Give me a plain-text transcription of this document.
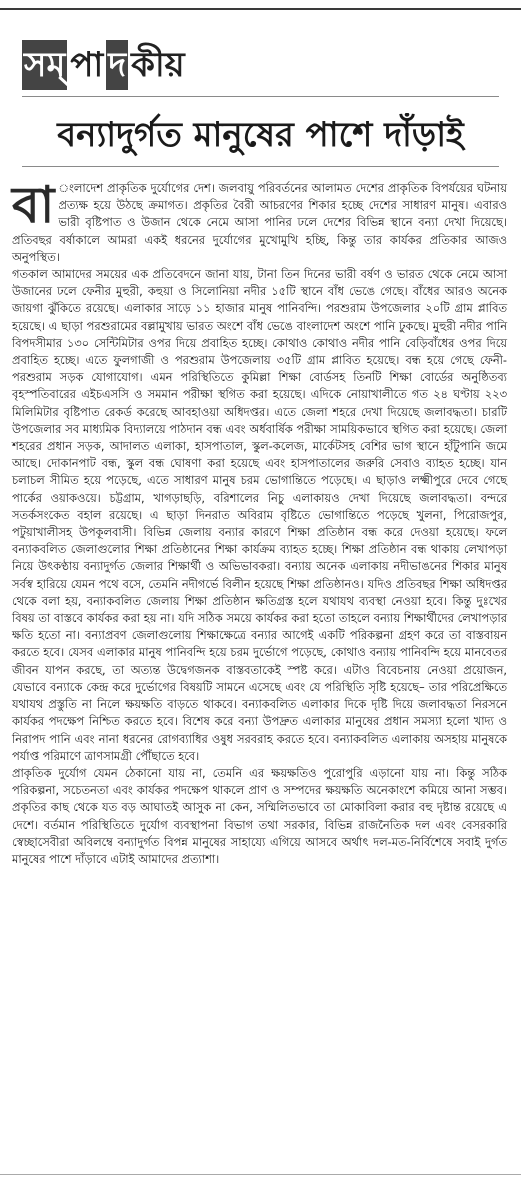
সম্ পা দ কীয়
বন্যাদুর্গত মানুষের পাশে দাঁড়াই

বা ংলাদেশ প্রাকৃতিক দুর্যোগের দেশ। জলবায়ু পরিবর্তনের আলামত দেশের প্রাকৃতিক বিপর্যয়ের ঘটনায় প্রত্যক্ষ হয়ে উঠছে ক্রমাগত। প্রকৃতির বৈরী আচরণের শিকার হচ্ছে দেশের সাধারণ মানুষ। এবারও ভারী বৃষ্টিপাত ও উজান থেকে নেমে আসা পানির ঢলে দেশের বিভিন্ন স্থানে বন্যা দেখা দিয়েছে। প্রতিবছর বর্ষাকালে আমরা একই ধরনের দুর্যোগের মুখোমুখি হচ্ছি, কিন্তু তার কার্যকর প্রতিকার আজও অনুপস্থিত।

গতকাল আমাদের সময়ের এক প্রতিবেদনে জানা যায়, টানা তিন দিনের ভারী বর্ষণ ও ভারত থেকে নেমে আসা উজানের ঢলে ফেনীর মুহুরী, কহুয়া ও সিলোনিয়া নদীর ১৫টি স্থানে বাঁধ ভেঙে গেছে। বাঁধের আরও অনেক জায়গা ঝুঁকিতে রয়েছে। এলাকার সাড়ে ১১ হাজার মানুষ পানিবন্দি। পরশুরাম উপজেলার ২০টি গ্রাম প্লাবিত হয়েছে। এ ছাড়া পরশুরামের বল্লামুখায় ভারত অংশে বাঁধ ভেঙে বাংলাদেশ অংশে পানি ঢুকছে। মুহুরী নদীর পানি বিপদসীমার ১৩০ সেন্টিমিটার ওপর দিয়ে প্রবাহিত হচ্ছে। কোথাও কোথাও নদীর পানি বেড়িবাঁধের ওপর দিয়ে প্রবাহিত হচ্ছে। এতে ফুলগাজী ও পরশুরাম উপজেলায় ৩৫টি গ্রাম প্লাবিত হয়েছে। বন্ধ হয়ে গেছে ফেনী-পরশুরাম সড়ক যোগাযোগ। এমন পরিস্থিতিতে কুমিল্লা শিক্ষা বোর্ডসহ তিনটি শিক্ষা বোর্ডের অনুষ্ঠিতব্য বৃহস্পতিবারের এইচএসসি ও সমমান পরীক্ষা স্থগিত করা হয়েছে। এদিকে নোয়াখালীতে গত ২৪ ঘণ্টায় ২২৩ মিলিমিটার বৃষ্টিপাত রেকর্ড করেছে আবহাওয়া অধিদপ্তর। এতে জেলা শহরে দেখা দিয়েছে জলাবদ্ধতা। চারটি উপজেলার সব মাধ্যমিক বিদ্যালয়ে পাঠদান বন্ধ এবং অর্ধবার্ষিক পরীক্ষা সাময়িকভাবে স্থগিত করা হয়েছে। জেলা শহরের প্রধান সড়ক, আদালত এলাকা, হাসপাতাল, স্কুল-কলেজ, মার্কেটসহ বেশির ভাগ স্থানে হাঁটুপানি জমে আছে। দোকানপাট বন্ধ, স্কুল বন্ধ ঘোষণা করা হয়েছে এবং হাসপাতালের জরুরি সেবাও ব্যাহত হচ্ছে। যান চলাচল সীমিত হয়ে পড়েছে, এতে সাধারণ মানুষ চরম ভোগান্তিতে পড়েছে। এ ছাড়াও লক্ষ্মীপুরে দেবে গেছে পার্কের ওয়াকওয়ে। চট্টগ্রাম, খাগড়াছড়ি, বরিশালের নিচু এলাকায়ও দেখা দিয়েছে জলাবদ্ধতা। বন্দরে সতর্কসংকেত বহাল রয়েছে। এ ছাড়া দিনরাত অবিরাম বৃষ্টিতে ভোগান্তিতে পড়েছে খুলনা, পিরোজপুর, পটুয়াখালীসহ উপকূলবাসী। বিভিন্ন জেলায় বন্যার কারণে শিক্ষা প্রতিষ্ঠান বন্ধ করে দেওয়া হয়েছে। ফলে বন্যাকবলিত জেলাগুলোর শিক্ষা প্রতিষ্ঠানের শিক্ষা কার্যক্রম ব্যাহত হচ্ছে। শিক্ষা প্রতিষ্ঠান বন্ধ থাকায় লেখাপড়া নিয়ে উৎকণ্ঠায় বন্যাদুর্গত জেলার শিক্ষার্থী ও অভিভাবকরা। বন্যায় অনেক এলাকায় নদীভাঙনের শিকার মানুষ সর্বস্ব হারিয়ে যেমন পথে বসে, তেমনি নদীগর্ভে বিলীন হয়েছে শিক্ষা প্রতিষ্ঠানও। যদিও প্রতিবছর শিক্ষা অধিদপ্তর থেকে বলা হয়, বন্যাকবলিত জেলায় শিক্ষা প্রতিষ্ঠান ক্ষতিগ্রস্ত হলে যথাযথ ব্যবস্থা নেওয়া হবে। কিন্তু দুঃখের বিষয় তা বাস্তবে কার্যকর করা হয় না। যদি সঠিক সময়ে কার্যকর করা হতো তাহলে বন্যায় শিক্ষার্থীদের লেখাপড়ার ক্ষতি হতো না। বন্যাপ্রবণ জেলাগুলোয় শিক্ষাক্ষেত্রে বন্যার আগেই একটি পরিকল্পনা গ্রহণ করে তা বাস্তবায়ন করতে হবে। যেসব এলাকার মানুষ পানিবন্দি হয়ে চরম দুর্ভোগে পড়েছে, কোথাও বন্যায় পানিবন্দি হয়ে মানবেতর জীবন যাপন করছে, তা অত্যন্ত উদ্বেগজনক বাস্তবতাকেই স্পষ্ট করে। এটাও বিবেচনায় নেওয়া প্রয়োজন, যেভাবে বন্যাকে কেন্দ্র করে দুর্ভোগের বিষয়টি সামনে এসেছে এবং যে পরিস্থিতি সৃষ্টি হয়েছে– তার পরিপ্রেক্ষিতে যথাযথ প্রস্তুতি না নিলে ক্ষয়ক্ষতি বাড়তে থাকবে। বন্যাকবলিত এলাকার দিকে দৃষ্টি দিয়ে জলাবদ্ধতা নিরসনে কার্যকর পদক্ষেপ নিশ্চিত করতে হবে। বিশেষ করে বন্যা উপদ্রুত এলাকার মানুষের প্রধান সমস্যা হলো খাদ্য ও নিরাপদ পানি এবং নানা ধরনের রোগব্যাধির ওষুধ সরবরাহ করতে হবে। বন্যাকবলিত এলাকায় অসহায় মানুষকে পর্যাপ্ত পরিমাণে ত্রাণসামগ্রী পৌঁছাতে হবে।

প্রাকৃতিক দুর্যোগ যেমন ঠেকানো যায় না, তেমনি এর ক্ষয়ক্ষতিও পুরোপুরি এড়ানো যায় না। কিন্তু সঠিক পরিকল্পনা, সচেতনতা এবং কার্যকর পদক্ষেপ থাকলে প্রাণ ও সম্পদের ক্ষয়ক্ষতি অনেকাংশে কমিয়ে আনা সম্ভব। প্রকৃতির কাছ থেকে যত বড় আঘাতই আসুক না কেন, সম্মিলিতভাবে তা মোকাবিলা করার বহু দৃষ্টান্ত রয়েছে এ দেশে। বর্তমান পরিস্থিতিতে দুর্যোগ ব্যবস্থাপনা বিভাগ তথা সরকার, বিভিন্ন রাজনৈতিক দল এবং বেসরকারি স্বেচ্ছাসেবীরা অবিলম্বে বন্যাদুর্গত বিপন্ন মানুষের সাহায্যে এগিয়ে আসবে অর্থাৎ দল-মত-নির্বিশেষে সবাই দুর্গত মানুষের পাশে দাঁড়াবে এটাই আমাদের প্রত্যাশা।
